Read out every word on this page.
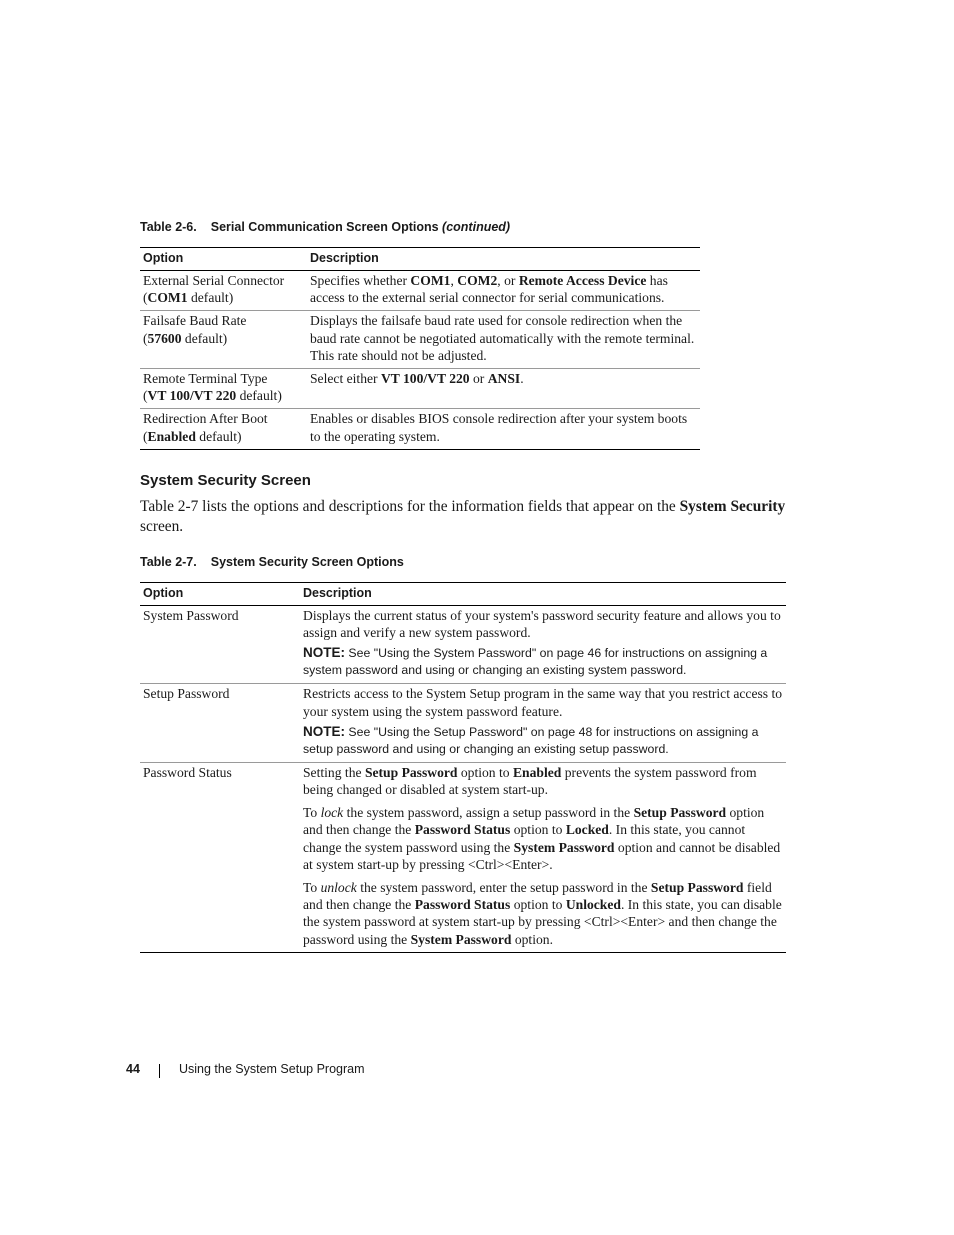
Table 2-6. Serial Communication Screen Options (continued)
Option	Description
External Serial Connector
(COM1 default)	Specifies whether COM1, COM2, or Remote Access Device has access to the external serial connector for serial communications.
Failsafe Baud Rate
(57600 default)	Displays the failsafe baud rate used for console redirection when the baud rate cannot be negotiated automatically with the remote terminal. This rate should not be adjusted.
Remote Terminal Type
(VT 100/VT 220 default)	Select either VT 100/VT 220 or ANSI.
Redirection After Boot
(Enabled default)	Enables or disables BIOS console redirection after your system boots to the operating system.
System Security Screen

Table 2-7 lists the options and descriptions for the information fields that appear on the System Security screen.

Table 2-7. System Security Screen Options
Option	Description
System Password	Displays the current status of your system's password security feature and allows you to assign and verify a new system password.
NOTE: See "Using the System Password" on page 46 for instructions on assigning a system password and using or changing an existing system password.

Setup Password	Restricts access to the System Setup program in the same way that you restrict access to your system using the system password feature.
NOTE: See "Using the Setup Password" on page 48 for instructions on assigning a setup password and using or changing an existing setup password.

Password Status	Setting the Setup Password option to Enabled prevents the system password from being changed or disabled at system start-up.
To lock the system password, assign a setup password in the Setup Password option and then change the Password Status option to Locked. In this state, you cannot change the system password using the System Password option and cannot be disabled at system start-up by pressing <Ctrl><Enter>.
To unlock the system password, enter the setup password in the Setup Password field and then change the Password Status option to Unlocked. In this state, you can disable the system password at system start-up by pressing <Ctrl><Enter> and then change the password using the System Password option.
44	Using the System Setup Program
